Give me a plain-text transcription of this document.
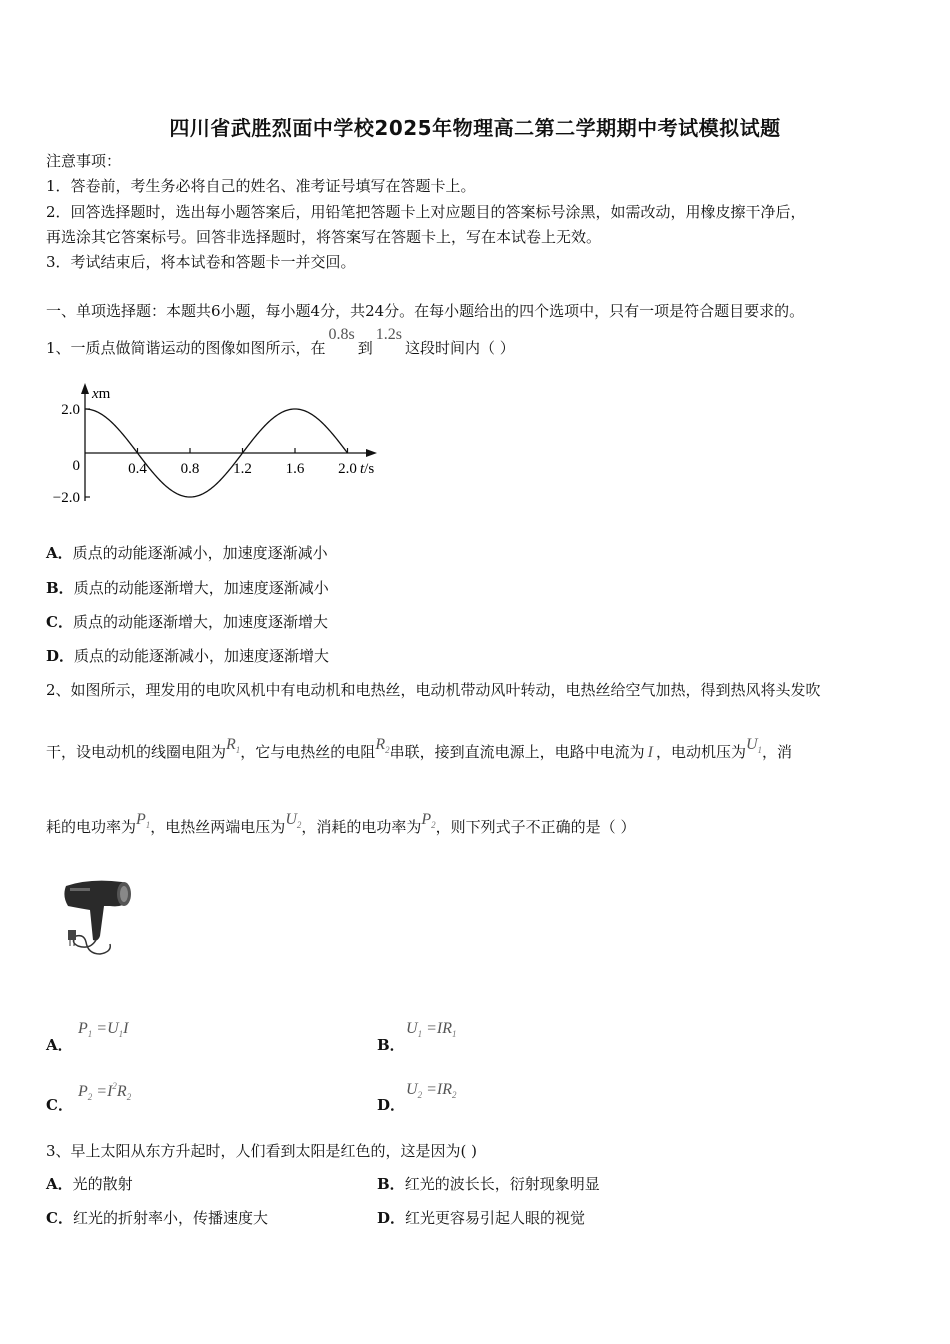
四川省武胜烈面中学校2025年物理高二第二学期期中考试模拟试题
注意事项：
1．答卷前，考生务必将自己的姓名、准考证号填写在答题卡上。
2．回答选择题时，选出每小题答案后，用铅笔把答题卡上对应题目的答案标号涂黑，如需改动，用橡皮擦干净后，
再选涂其它答案标号。回答非选择题时，将答案写在答题卡上，写在本试卷上无效。
3．考试结束后，将本试卷和答题卡一并交回。
一、单项选择题：本题共6小题，每小题4分，共24分。在每小题给出的四个选项中，只有一项是符合题目要求的。
1、一质点做简谐运动的图像如图所示，在0.8s到1.2s这段时间内（ ）
xm
2.0
−2.0
0	0.4 0.8 1.2 1.6 2.0 t/s
A．质点的动能逐渐减小，加速度逐渐减小
B．质点的动能逐渐增大，加速度逐渐减小
C．质点的动能逐渐增大，加速度逐渐增大
D．质点的动能逐渐减小，加速度逐渐增大
2、如图所示，理发用的电吹风机中有电动机和电热丝，电动机带动风叶转动，电热丝给空气加热，得到热风将头发吹
干，设电动机的线圈电阻为$R_1$，它与电热丝的电阻$R_2$串联，接到直流电源上，电路中电流为 I ，电动机压为$U_1$，消
耗的电功率为$P_1$，电热丝两端电压为$U_2$，消耗的电功率为$P_2$，则下列式子不正确的是（ ）
A．
$P_1 =U_1I$
B．
$U_1 =IR_1$
C．
$P_2 =I^2R_2$	D．
$U_2 =IR_2$
3、早上太阳从东方升起时，人们看到太阳是红色的，这是因为( )
A．光的散射	B．红光的波长长，衍射现象明显
C．红光的折射率小，传播速度大	D．红光更容易引起人眼的视觉
